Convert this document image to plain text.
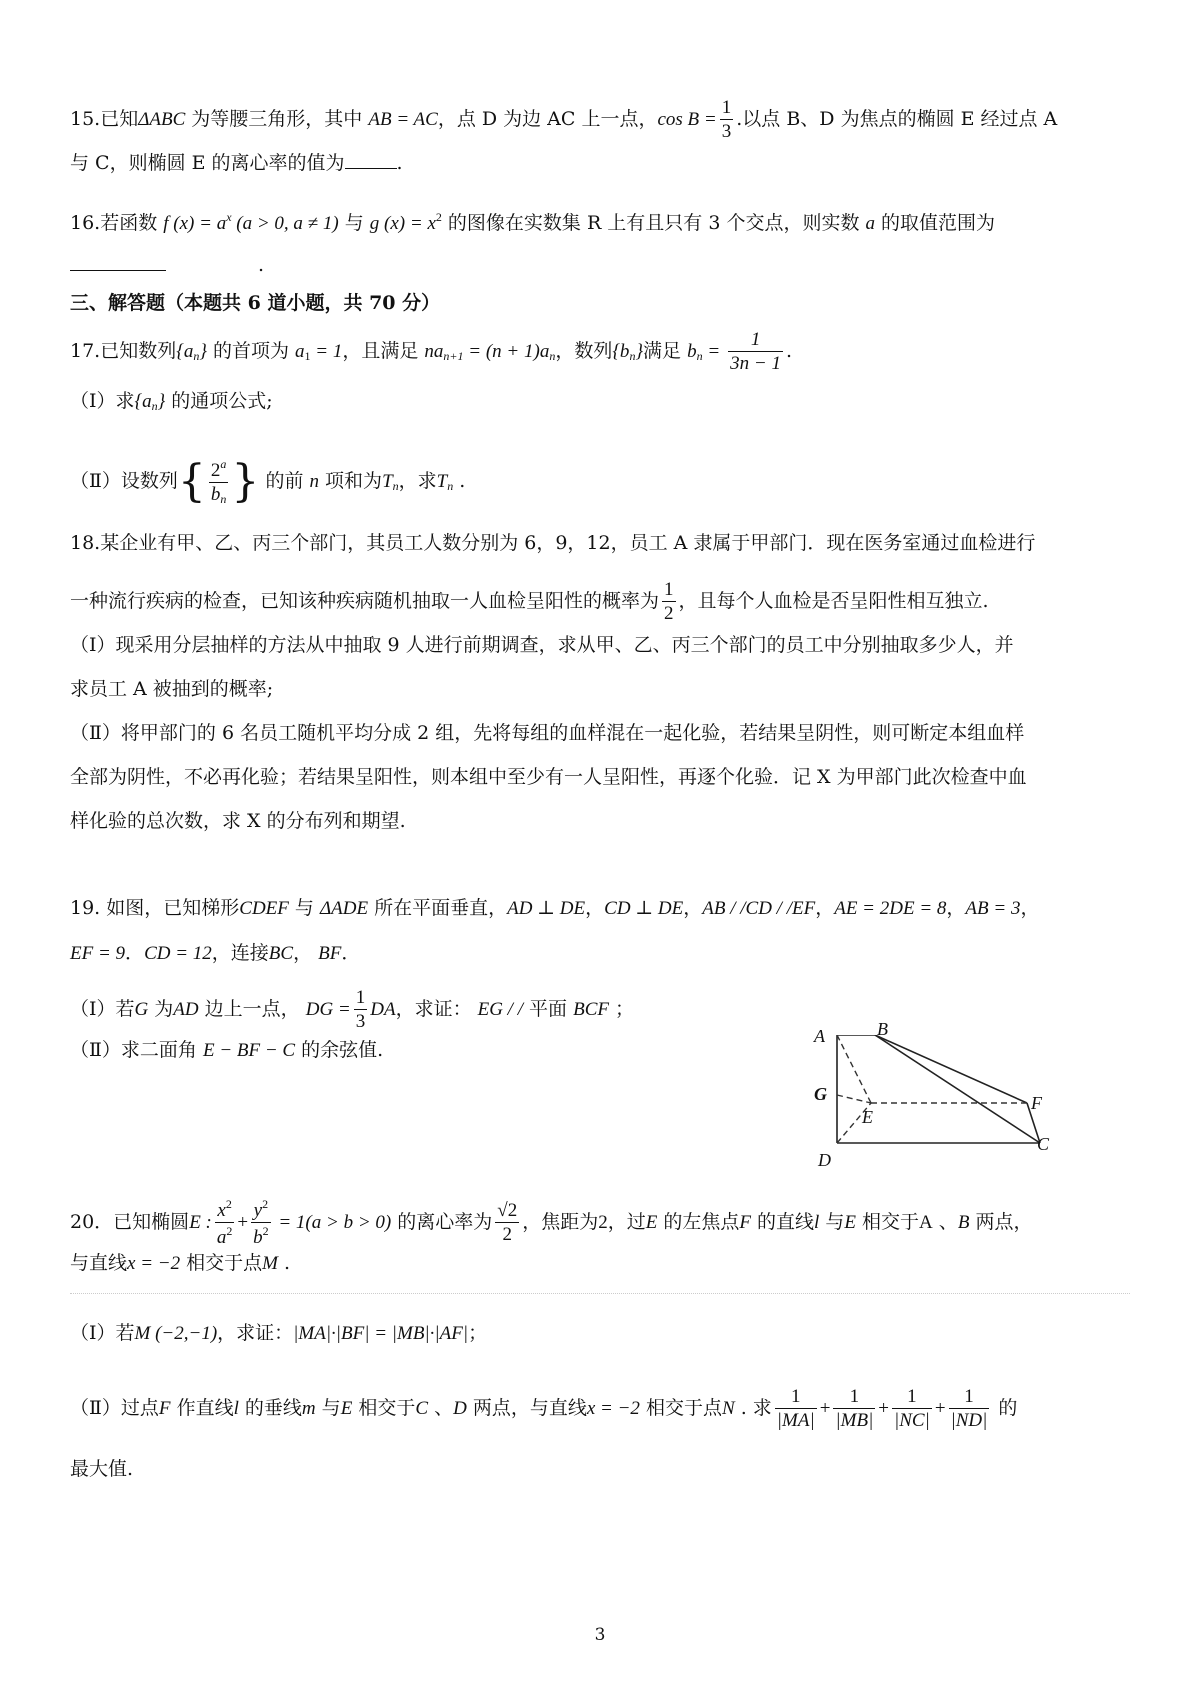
15.已知ΔABC 为等腰三角形，其中 AB = AC，点 D 为边 AC 上一点，$\cos B = \frac{1}{3}$ .以点 B、D 为焦点的椭圆 E 经过点 A
与 C，则椭圆 E 的离心率的值为	.
16.若函数 f $(x) = a^x$ (a > 0, a ≠ 1) 与 g $(x) = x^2$ 的图像在实数集 R 上有且只有 3 个交点，则实数 a 的取值范围为
.
三、解答题（本题共 6 道小题，共 70 分）
17.已知数列$\{a_n\}$ 的首项为 $a_1 = 1$，且满足 $na_{n+1} = (n + 1)a_n$，数列$\{b_n\}$满足 $b_n = \frac{1}{3n - 1}$ .
（Ⅰ）求$\{a_n\}$ 的通项公式;
（Ⅱ）设数列{ $\frac{2^a}{b_n}$ } 的前 n 项和为$T_n$，求$T_n$ .
18.某企业有甲、乙、丙三个部门，其员工人数分别为 6，9，12，员工 A 隶属于甲部门．现在医务室通过血检进行
一种流行疾病的检查，已知该种疾病随机抽取一人血检呈阳性的概率为 $\frac{1}{2}$ ，且每个人血检是否呈阳性相互独立.
（Ⅰ）现采用分层抽样的方法从中抽取 9 人进行前期调查，求从甲、乙、丙三个部门的员工中分别抽取多少人，并
求员工 A 被抽到的概率;
（Ⅱ）将甲部门的 6 名员工随机平均分成 2 组，先将每组的血样混在一起化验，若结果呈阴性，则可断定本组血样
全部为阴性，不必再化验；若结果呈阳性，则本组中至少有一人呈阳性，再逐个化验．记 X 为甲部门此次检查中血
样化验的总次数，求 X 的分布列和期望.
19. 如图，已知梯形CDEF 与 ΔADE 所在平面垂直，AD ⊥ DE，CD ⊥ DE，AB / /CD / /EF，AE = 2DE = 8，AB = 3，
EF = 9．CD = 12，连接BC， BF．
（Ⅰ）若G 为AD 边上一点， DG = $\frac{1}{3}$ DA，求证： EG / / 平面 BCF ；
（Ⅱ）求二面角 E − BF − C 的余弦值.
A	B
G
E
F
C
D
20．已知椭圆E : $\frac{x^2}{a^2} + \frac{y^2}{b^2} = 1(a > b > 0)$ 的离心率为 $\frac{√2}{2}$ ，焦距为2，过E 的左焦点F 的直线l 与E 相交于A 、B 两点，
与直线x = −2 相交于点M .
（Ⅰ）若M (−2,−1)，求证：|MA|·|BF| = |MB|·|AF|；
（Ⅱ）过点F 作直线l 的垂线m 与E 相交于C 、D 两点，与直线x = −2 相交于点N . 求 $\frac{1}{|MA|} + \frac{1}{|MB|} + \frac{1}{|NC|} + \frac{1}{|ND|}$ 的
最大值.
3
